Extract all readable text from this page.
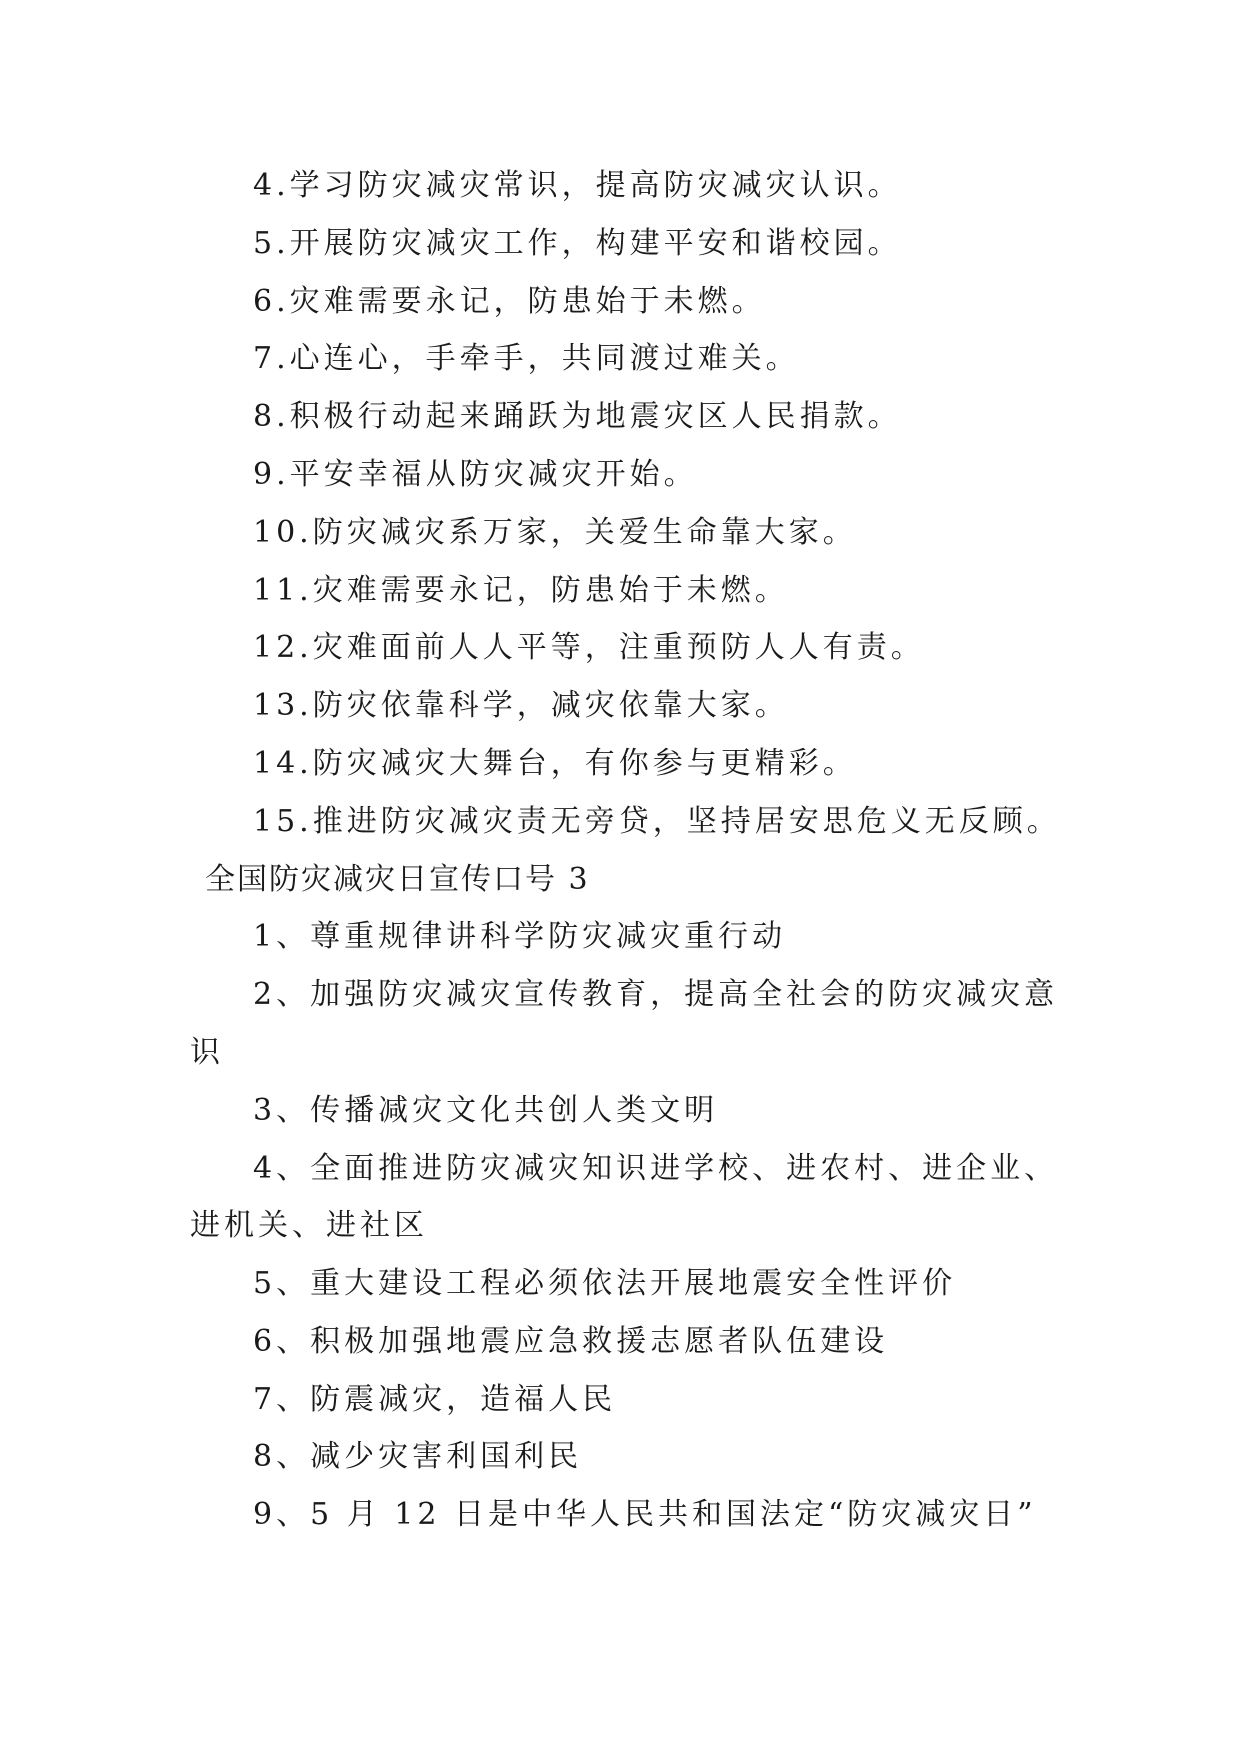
4.学习防灾减灾常识，提高防灾减灾认识。
5.开展防灾减灾工作，构建平安和谐校园。
6.灾难需要永记，防患始于未燃。
7.心连心，手牵手，共同渡过难关。
8.积极行动起来踊跃为地震灾区人民捐款。
9.平安幸福从防灾减灾开始。
10.防灾减灾系万家，关爱生命靠大家。
11.灾难需要永记，防患始于未燃。
12.灾难面前人人平等，注重预防人人有责。
13.防灾依靠科学，减灾依靠大家。
14.防灾减灾大舞台，有你参与更精彩。
15.推进防灾减灾责无旁贷，坚持居安思危义无反顾。
全国防灾减灾日宣传口号 3
1、尊重规律讲科学防灾减灾重行动
2、加强防灾减灾宣传教育，提高全社会的防灾减灾意
识
3、传播减灾文化共创人类文明
4、全面推进防灾减灾知识进学校、进农村、进企业、
进机关、进社区
5、重大建设工程必须依法开展地震安全性评价
6、积极加强地震应急救援志愿者队伍建设
7、防震减灾，造福人民
8、减少灾害利国利民
9、5 月 12 日是中华人民共和国法定“防灾减灾日”
